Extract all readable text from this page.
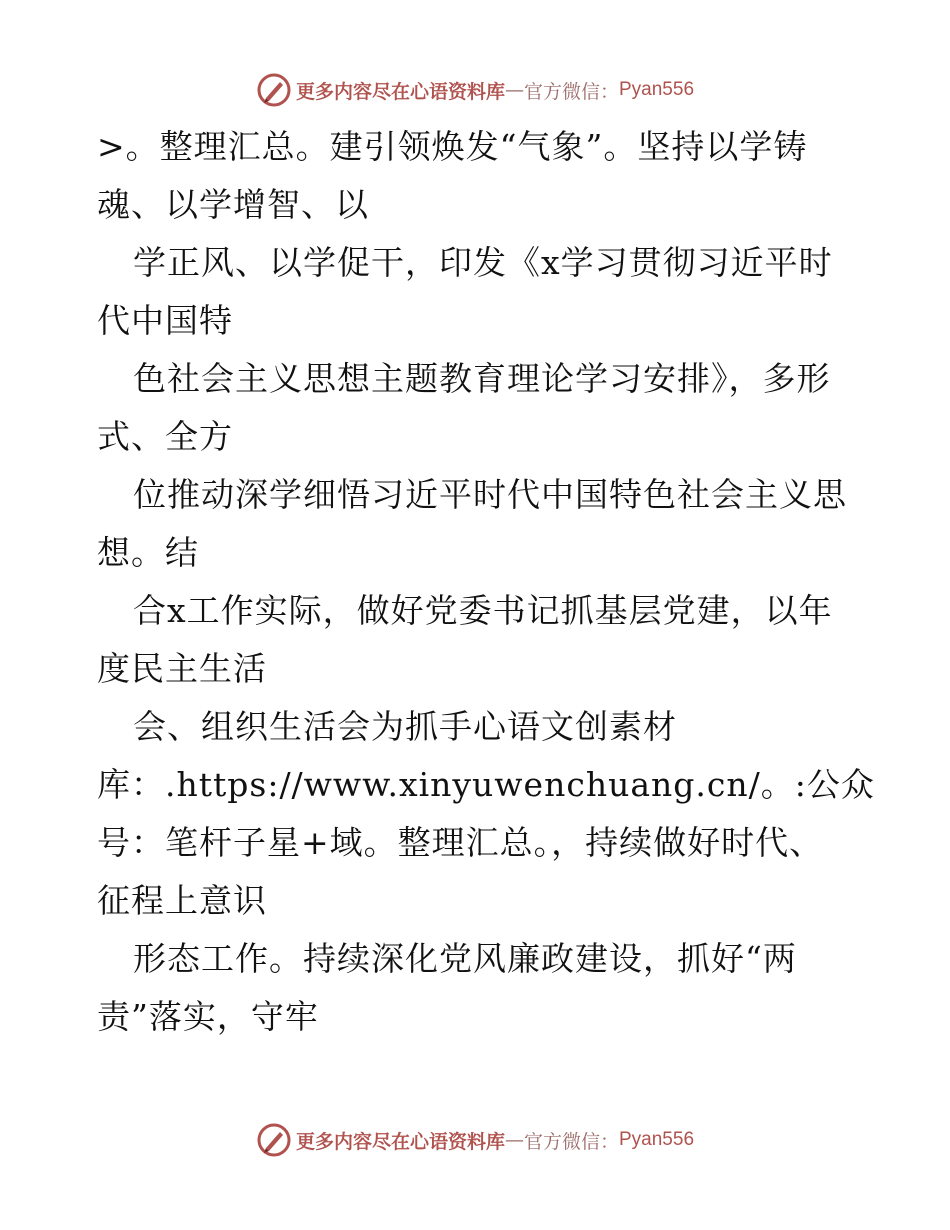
更多内容尽在心语资料库 — 官方微信： Pyan556
>。整理汇总。建引领焕发“气象”。坚持以学铸
魂、以学增智、以
学正风、以学促干，印发《x学习贯彻习近平时
代中国特
色社会主义思想主题教育理论学习安排》，多形
式、全方
位推动深学细悟习近平时代中国特色社会主义思
想。结
合x工作实际，做好党委书记抓基层党建，以年
度民主生活
会、组织生活会为抓手心语文创素材
库：.https://www.xinyuwenchuang.cn/。:公众
号：笔杆子星+域。整理汇总。，持续做好时代、
征程上意识
形态工作。持续深化党风廉政建设，抓好“两
责”落实，守牢
更多内容尽在心语资料库 — 官方微信： Pyan556
